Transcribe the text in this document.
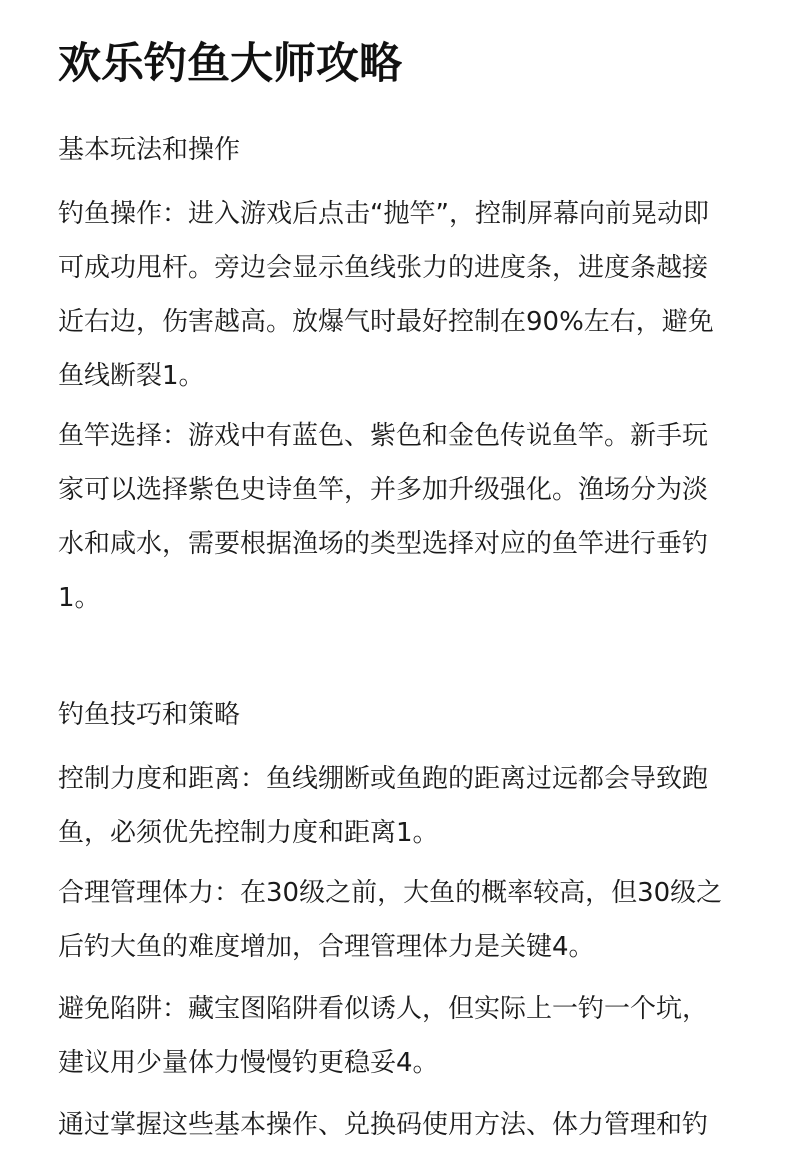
欢乐钓鱼大师攻略
基本玩法和操作
钓鱼操作：进入游戏后点击“抛竿”，控制屏幕向前晃动即
可成功甩杆。旁边会显示鱼线张力的进度条，进度条越接
近右边，伤害越高。放爆气时最好控制在90%左右，避免
鱼线断裂1。
鱼竿选择：游戏中有蓝色、紫色和金色传说鱼竿。新手玩
家可以选择紫色史诗鱼竿，并多加升级强化。渔场分为淡
水和咸水，需要根据渔场的类型选择对应的鱼竿进行垂钓
1。
钓鱼技巧和策略
控制力度和距离：鱼线绷断或鱼跑的距离过远都会导致跑
鱼，必须优先控制力度和距离1。
合理管理体力：在30级之前，大鱼的概率较高，但30级之
后钓大鱼的难度增加，合理管理体力是关键4。
避免陷阱：藏宝图陷阱看似诱人，但实际上一钓一个坑，
建议用少量体力慢慢钓更稳妥4。
通过掌握这些基本操作、兑换码使用方法、体力管理和钓
